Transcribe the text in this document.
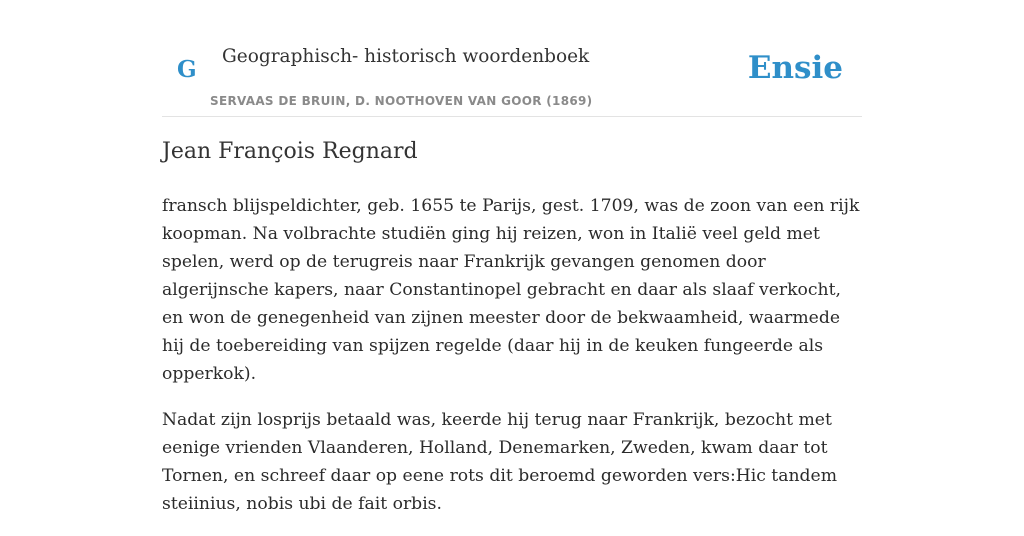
G Geographisch- historisch woordenboek
SERVAAS DE BRUIN, D. NOOTHOVEN VAN GOOR (1869)
Ensie
Jean François Regnard

fransch blijspeldichter, geb. 1655 te Parijs, gest. 1709, was de zoon van een rijk koopman. Na volbrachte studiën ging hij reizen, won in Italië veel geld met spelen, werd op de terugreis naar Frankrijk gevangen genomen door algerijnsche kapers, naar Constantinopel gebracht en daar als slaaf verkocht, en won de genegenheid van zijnen meester door de bekwaamheid, waarmede hij de toebereiding van spijzen regelde (daar hij in de keuken fungeerde als opperkok).

Nadat zijn losprijs betaald was, keerde hij terug naar Frankrijk, bezocht met eenige vrienden Vlaanderen, Holland, Denemarken, Zweden, kwam daar tot Tornen, en schreef daar op eene rots dit beroemd geworden vers:Hic tandem steiinius, nobis ubi de fait orbis.
